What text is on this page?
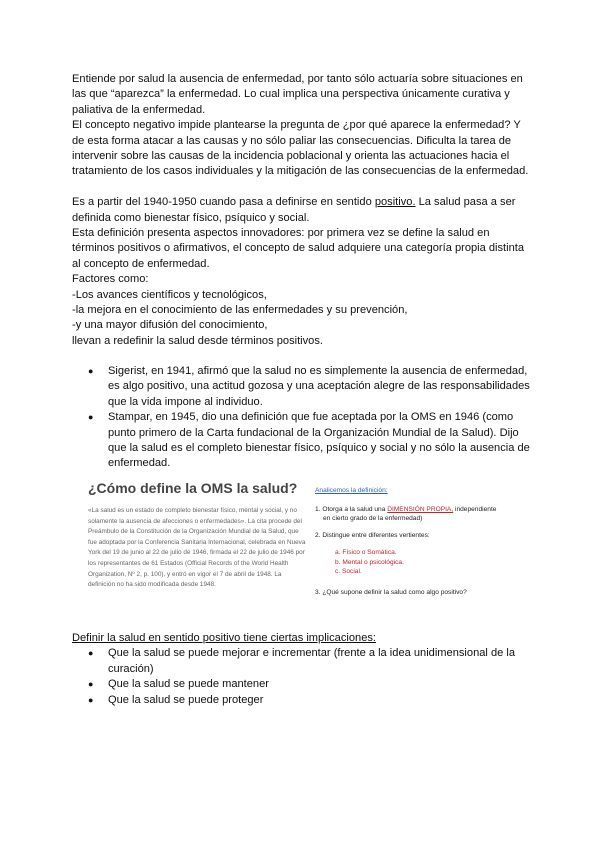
Entiende por salud la ausencia de enfermedad, por tanto sólo actuaría sobre situaciones en las que “aparezca” la enfermedad. Lo cual implica una perspectiva únicamente curativa y paliativa de la enfermedad.

El concepto negativo impide plantearse la pregunta de ¿por qué aparece la enfermedad? Y de esta forma atacar a las causas y no sólo paliar las consecuencias. Dificulta la tarea de intervenir sobre las causas de la incidencia poblacional y orienta las actuaciones hacia el tratamiento de los casos individuales y la mitigación de las consecuencias de la enfermedad.

Es a partir del 1940-1950 cuando pasa a definirse en sentido positivo. La salud pasa a ser definida como bienestar físico, psíquico y social.

Esta definición presenta aspectos innovadores: por primera vez se define la salud en términos positivos o afirmativos, el concepto de salud adquiere una categoría propia distinta al concepto de enfermedad.

Factores como:

-Los avances científicos y tecnológicos,

-la mejora en el conocimiento de las enfermedades y su prevención,

-y una mayor difusión del conocimiento,

llevan a redefinir la salud desde términos positivos.

● Sigerist, en 1941, afirmó que la salud no es simplemente la ausencia de enfermedad, es algo positivo, una actitud gozosa y una aceptación alegre de las responsabilidades que la vida impone al individuo.
● Stampar, en 1945, dio una definición que fue aceptada por la OMS en 1946 (como punto primero de la Carta fundacional de la Organización Mundial de la Salud). Dijo que la salud es el completo bienestar físico, psíquico y social y no sólo la ausencia de enfermedad.
¿Cómo define la OMS la salud?
«La salud es un estado de completo bienestar físico, mental y social, y no solamente la ausencia de afecciones o enfermedades». La cita procede del Preámbulo de la Constitución de la Organización Mundial de la Salud, que fue adoptada por la Conferencia Sanitaria Internacional, celebrada en Nueva York del 19 de junio al 22 de julio de 1946, firmada el 22 de julio de 1946 por los representantes de 61 Estados (Official Records of the World Health Organization, Nº 2, p. 100), y entró en vigor el 7 de abril de 1948. La definición no ha sido modificada desde 1948.
Analicemos la definición:
1. Otorga a la salud una DIMENSIÓN PROPIA, independiente
en cierto grado de la enfermedad)
2. Distingue entre diferentes vertientes:
a. Físico o Somática.
b. Mental o psicológica.
c. Social.
3. ¿Qué supone definir la salud como algo positivo?

Definir la salud en sentido positivo tiene ciertas implicaciones:

● Que la salud se puede mejorar e incrementar (frente a la idea unidimensional de la curación)
● Que la salud se puede mantener
● Que la salud se puede proteger
